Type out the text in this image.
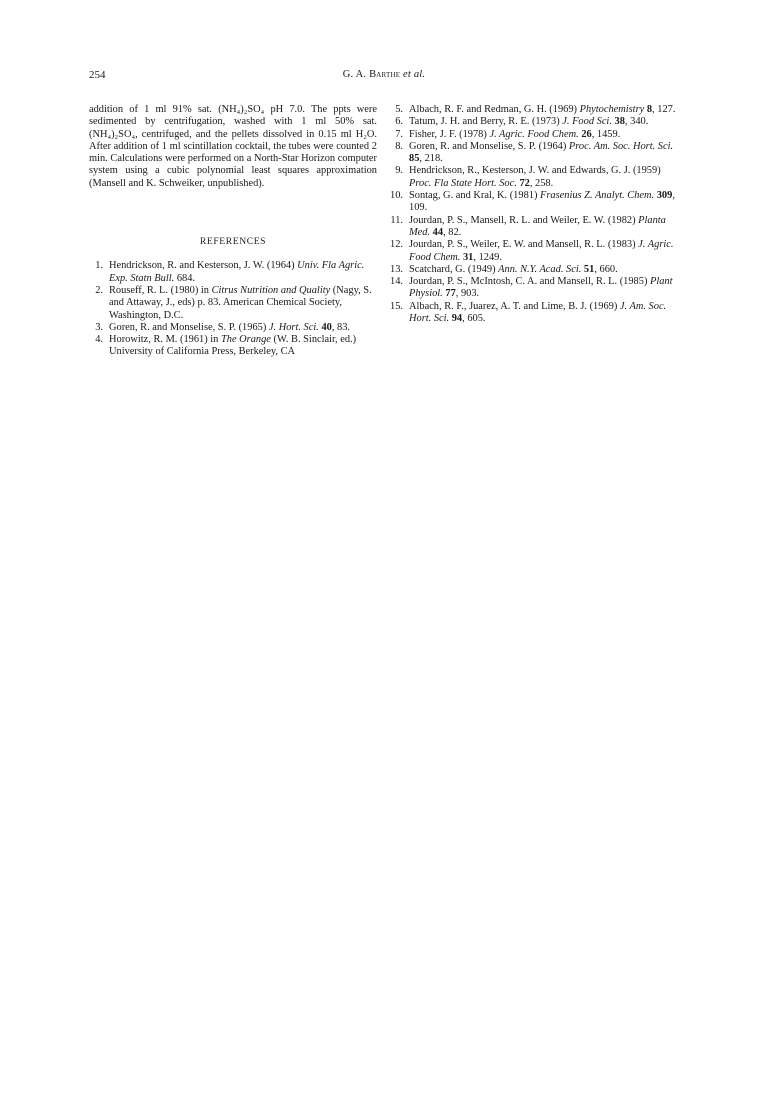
254	G. A. Barthe et al.

addition of 1 ml 91% sat. (NH₄)₂SO₄ pH 7.0. The ppts were sedimented by centrifugation, washed with 1 ml 50% sat. (NH₄)₂SO₄, centrifuged, and the pellets dissolved in 0.15 ml H₂O. After addition of 1 ml scintillation cocktail, the tubes were counted 2 min. Calculations were performed on a North-Star Horizon computer system using a cubic polynomial least squares approximation (Mansell and K. Schweiker, unpublished).

REFERENCES
1. Hendrickson, R. and Kesterson, J. W. (1964) Univ. Fla Agric. Exp. Statn Bull. 684.
2. Rouseff, R. L. (1980) in Citrus Nutrition and Quality (Nagy, S. and Attaway, J., eds) p. 83. American Chemical Society, Washington, D.C.
3. Goren, R. and Monselise, S. P. (1965) J. Hort. Sci. 40, 83.
4. Horowitz, R. M. (1961) in The Orange (W. B. Sinclair, ed.) University of California Press, Berkeley, CA
5. Albach, R. F. and Redman, G. H. (1969) Phytochemistry 8, 127.
6. Tatum, J. H. and Berry, R. E. (1973) J. Food Sci. 38, 340.
7. Fisher, J. F. (1978) J. Agric. Food Chem. 26, 1459.
8. Goren, R. and Monselise, S. P. (1964) Proc. Am. Soc. Hort. Sci. 85, 218.
9. Hendrickson, R., Kesterson, J. W. and Edwards, G. J. (1959) Proc. Fla State Hort. Soc. 72, 258.
10. Sontag, G. and Kral, K. (1981) Frasenius Z. Analyt. Chem. 309, 109.
11. Jourdan, P. S., Mansell, R. L. and Weiler, E. W. (1982) Planta Med. 44, 82.
12. Jourdan, P. S., Weiler, E. W. and Mansell, R. L. (1983) J. Agric. Food Chem. 31, 1249.
13. Scatchard, G. (1949) Ann. N.Y. Acad. Sci. 51, 660.
14. Jourdan, P. S., McIntosh, C. A. and Mansell, R. L. (1985) Plant Physiol. 77, 903.
15. Albach, R. F., Juarez, A. T. and Lime, B. J. (1969) J. Am. Soc. Hort. Sci. 94, 605.
